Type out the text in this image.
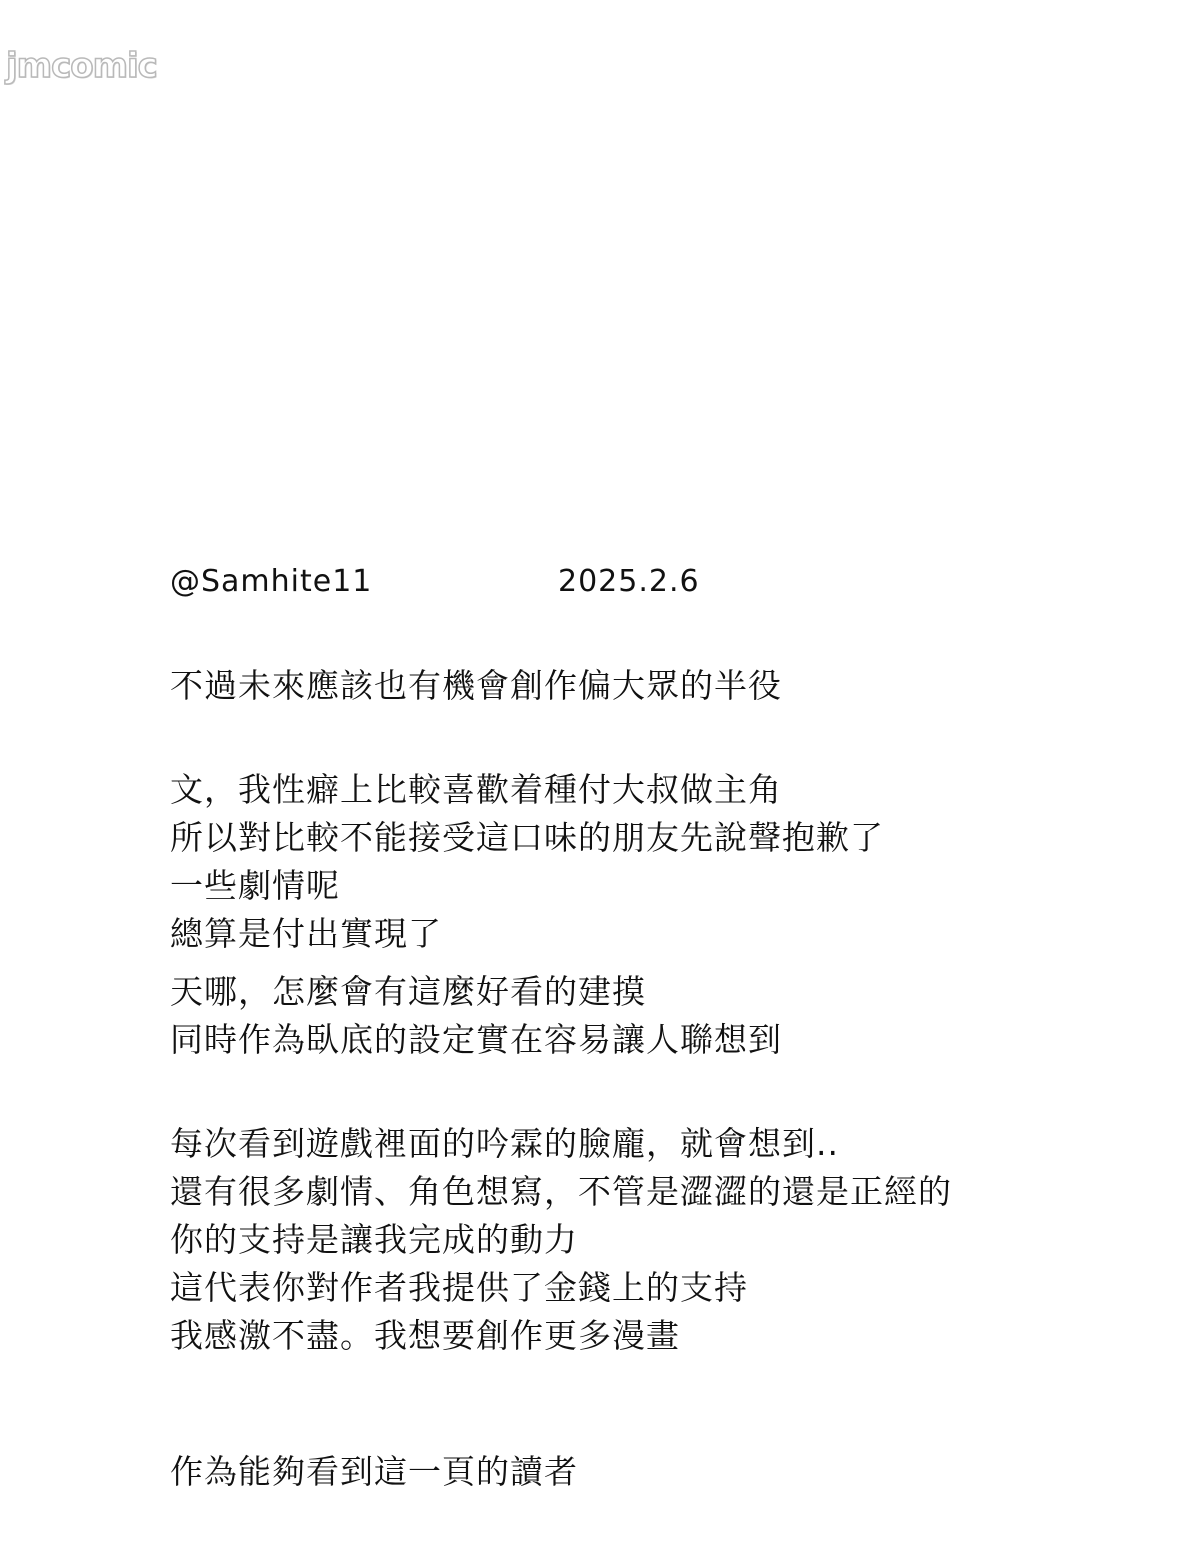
jmcomic
@Samhite11	2025.2.6
不過未來應該也有機會創作偏大眾的半役
文，我性癖上比較喜歡着種付大叔做主角
所以對比較不能接受這口味的朋友先說聲抱歉了
一些劇情呢
總算是付出實現了
天哪，怎麼會有這麼好看的建摸
同時作為臥底的設定實在容易讓人聯想到
每次看到遊戲裡面的吟霖的臉龐，就會想到..
還有很多劇情、角色想寫，不管是澀澀的還是正經的
你的支持是讓我完成的動力
這代表你對作者我提供了金錢上的支持
我感激不盡。我想要創作更多漫畫
作為能夠看到這一頁的讀者
